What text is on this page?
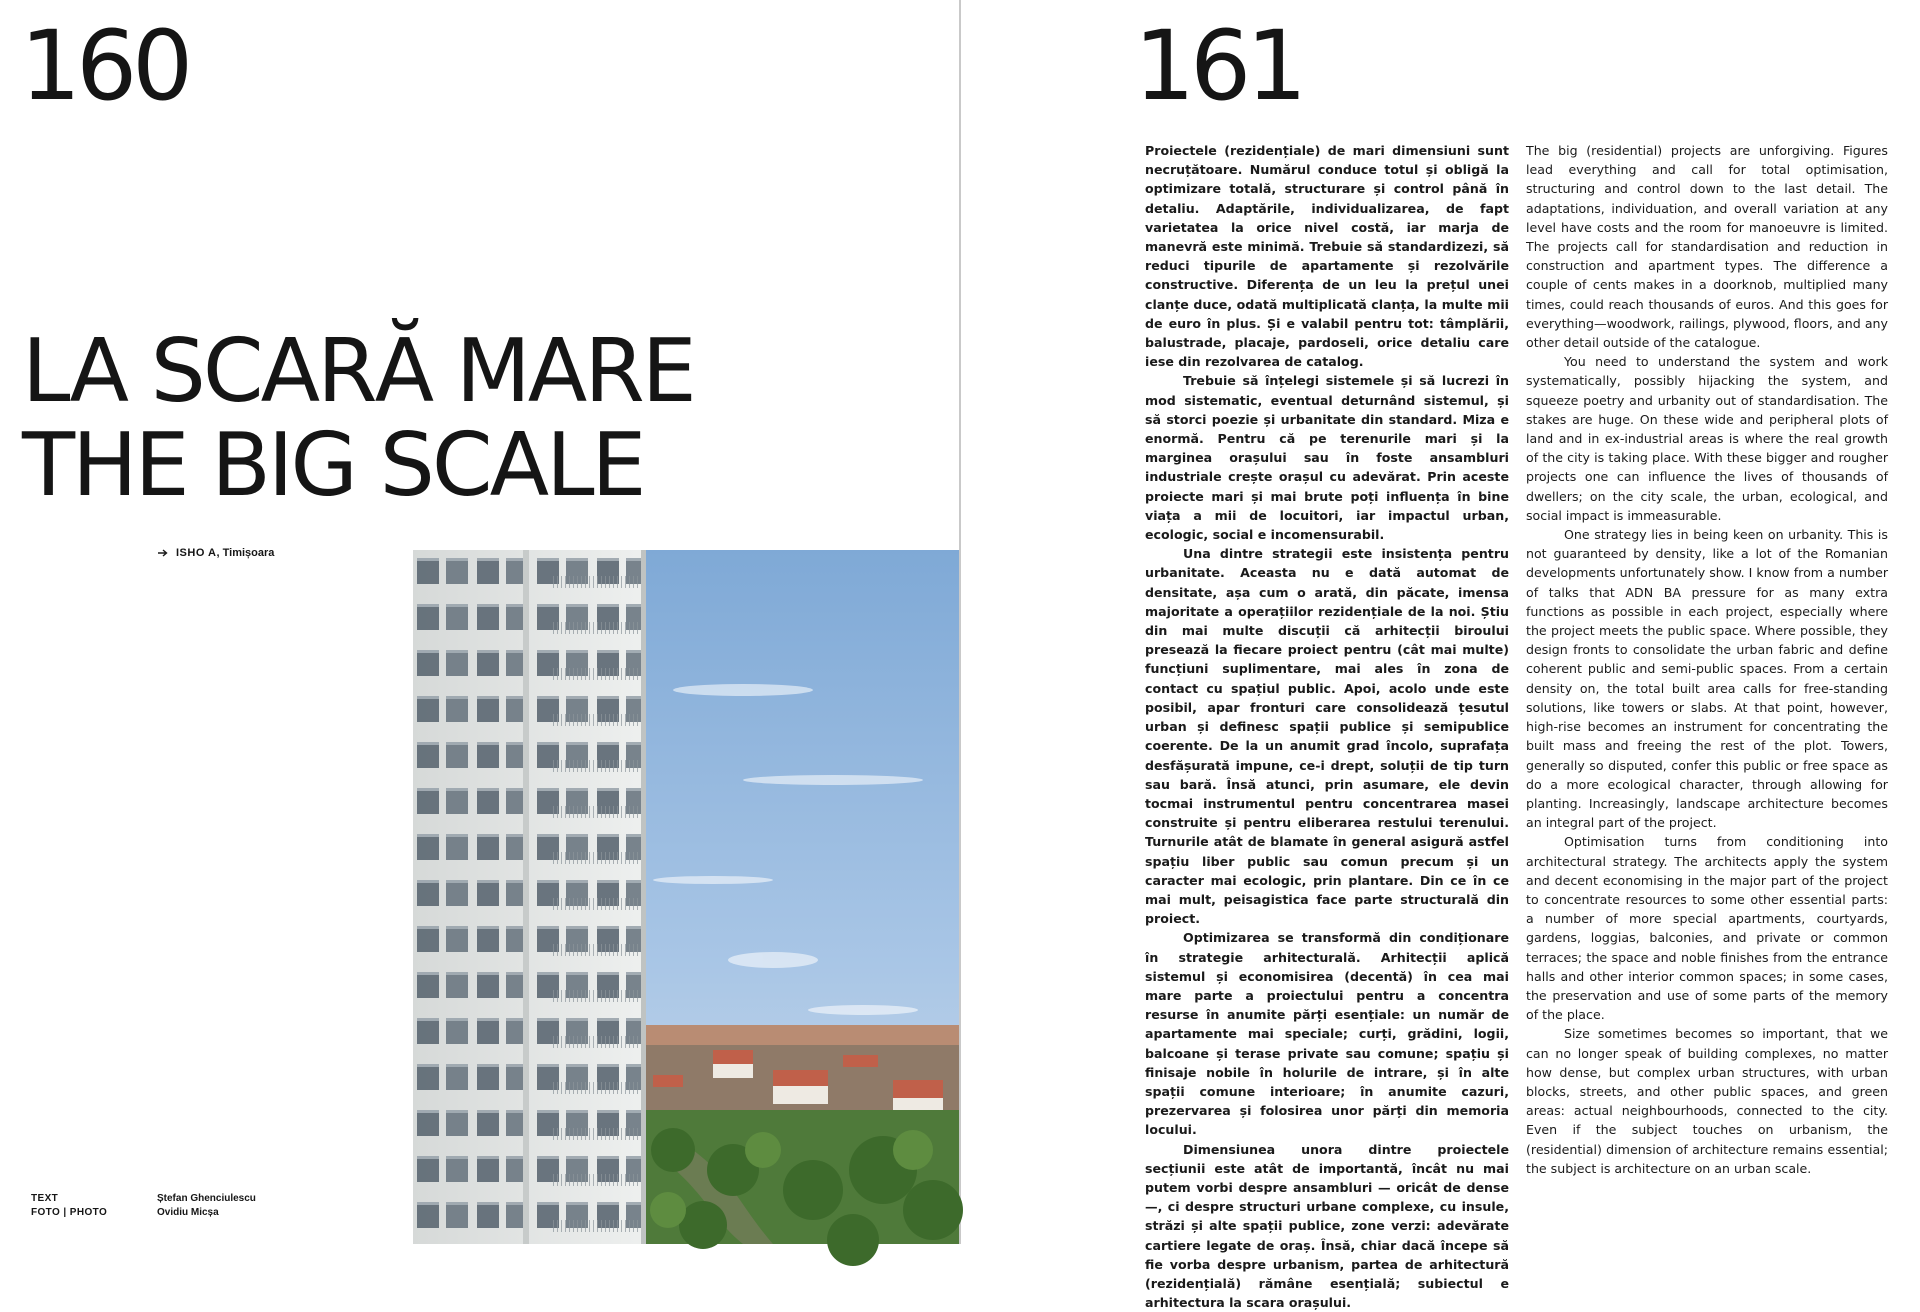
160
LA SCARĂ MARE
THE BIG SCALE
ISHO A, Timișoara
TEXT	Ștefan Ghenciulescu
FOTO | PHOTO	Ovidiu Micșa
161

Proiectele (rezidențiale) de mari dimensiuni sunt necruțătoare. Numărul conduce totul și obligă la optimizare totală, structurare și control până în detaliu. Adaptările, individualizarea, de fapt varietatea la orice nivel costă, iar marja de manevră este minimă. Trebuie să standardizezi, să reduci tipurile de apartamente și rezolvările constructive. Diferența de un leu la prețul unei clanțe duce, odată multiplicată clanța, la multe mii de euro în plus. Și e valabil pentru tot: tâmplării, balustrade, placaje, pardoseli, orice detaliu care iese din rezolvarea de catalog.

Trebuie să înțelegi sistemele și să lucrezi în mod sistematic, eventual deturnând sistemul, și să storci poezie și urbanitate din standard. Miza e enormă. Pentru că pe terenurile mari și la marginea orașului sau în foste ansambluri industriale crește orașul cu adevărat. Prin aceste proiecte mari și mai brute poți influența în bine viața a mii de locuitori, iar impactul urban, ecologic, social e incomensurabil.

Una dintre strategii este insistența pentru urbanitate. Aceasta nu e dată automat de densitate, așa cum o arată, din păcate, imensa majoritate a operațiilor rezidențiale de la noi. Știu din mai multe discuții că arhitecții biroului presează la fiecare proiect pentru (cât mai multe) funcțiuni suplimentare, mai ales în zona de contact cu spațiul public. Apoi, acolo unde este posibil, apar fronturi care consolidează țesutul urban și definesc spații publice și semipublice coerente. De la un anumit grad încolo, suprafața desfășurată impune, ce-i drept, soluții de tip turn sau bară. Însă atunci, prin asumare, ele devin tocmai instrumentul pentru concentrarea masei construite și pentru eliberarea restului terenului. Turnurile atât de blamate în general asigură astfel spațiu liber public sau comun precum și un caracter mai ecologic, prin plantare. Din ce în ce mai mult, peisagistica face parte structurală din proiect.

Optimizarea se transformă din condiționare în strategie arhitecturală. Arhitecții aplică sistemul și economisirea (decentă) în cea mai mare parte a proiectului pentru a concentra resurse în anumite părți esențiale: un număr de apartamente mai speciale; curți, grădini, logii, balcoane și terase private sau comune; spațiu și finisaje nobile în holurile de intrare, și în alte spații comune interioare; în anumite cazuri, prezervarea și folosirea unor părți din memoria locului.

Dimensiunea unora dintre proiectele secțiunii este atât de importantă, încât nu mai putem vorbi despre ansambluri — oricât de dense —, ci despre structuri urbane complexe, cu insule, străzi și alte spații publice, zone verzi: adevărate cartiere legate de oraș. Însă, chiar dacă începe să fie vorba despre urbanism, partea de arhitectură (rezidențială) rămâne esențială; subiectul e arhitectura la scara orașului.

The big (residential) projects are unforgiving. Figures lead everything and call for total optimisation, structuring and control down to the last detail. The adaptations, individuation, and overall variation at any level have costs and the room for manoeuvre is limited. The projects call for standardisation and reduction in construction and apartment types. The difference a couple of cents makes in a doorknob, multiplied many times, could reach thousands of euros. And this goes for everything—woodwork, railings, plywood, floors, and any other detail outside of the catalogue.

You need to understand the system and work systematically, possibly hijacking the system, and squeeze poetry and urbanity out of standardisation. The stakes are huge. On these wide and peripheral plots of land and in ex-industrial areas is where the real growth of the city is taking place. With these bigger and rougher projects one can influence the lives of thousands of dwellers; on the city scale, the urban, ecological, and social impact is immeasurable.

One strategy lies in being keen on urbanity. This is not guaranteed by density, like a lot of the Romanian developments unfortunately show. I know from a number of talks that ADN BA pressure for as many extra functions as possible in each project, especially where the project meets the public space. Where possible, they design fronts to consolidate the urban fabric and define coherent public and semi-public spaces. From a certain density on, the total built area calls for free-standing solutions, like towers or slabs. At that point, however, high-rise becomes an instrument for concentrating the built mass and freeing the rest of the plot. Towers, generally so disputed, confer this public or free space as do a more ecological character, through allowing for planting. Increasingly, landscape architecture becomes an integral part of the project.

Optimisation turns from conditioning into architectural strategy. The architects apply the system and decent economising in the major part of the project to concentrate resources to some other essential parts: a number of more special apartments, courtyards, gardens, loggias, balconies, and private or common terraces; the space and noble finishes from the entrance halls and other interior common spaces; in some cases, the preservation and use of some parts of the memory of the place.

Size sometimes becomes so important, that we can no longer speak of building complexes, no matter how dense, but complex urban structures, with urban blocks, streets, and other public spaces, and green areas: actual neighbourhoods, connected to the city. Even if the subject touches on urbanism, the (residential) dimension of architecture remains essential; the subject is architecture on an urban scale.
